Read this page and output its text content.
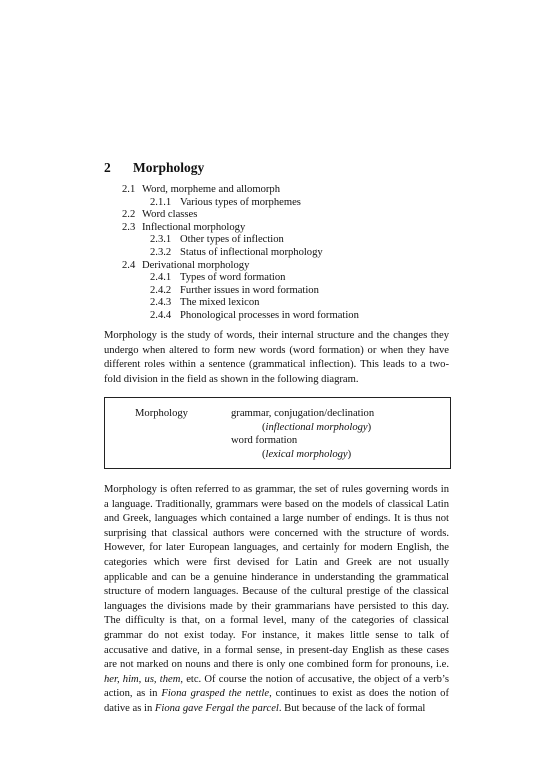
2 Morphology
2.1 Word, morpheme and allomorph
2.1.1 Various types of morphemes
2.2 Word classes
2.3 Inflectional morphology
2.3.1 Other types of inflection
2.3.2 Status of inflectional morphology
2.4 Derivational morphology
2.4.1 Types of word formation
2.4.2 Further issues in word formation
2.4.3 The mixed lexicon
2.4.4 Phonological processes in word formation

Morphology is the study of words, their internal structure and the changes they undergo when altered to form new words (word formation) or when they have different roles within a sentence (grammatical inflection). This leads to a two-fold division in the field as shown in the following diagram.

Morphology	grammar, conjugation/declination
(inflectional morphology)
word formation
(lexical morphology)

Morphology is often referred to as grammar, the set of rules governing words in a language. Traditionally, grammars were based on the models of classical Latin and Greek, languages which contained a large number of endings. It is thus not surprising that classical authors were concerned with the structure of words. However, for later European languages, and certainly for modern English, the categories which were first devised for Latin and Greek are not usually applicable and can be a genuine hinderance in understanding the grammatical structure of modern languages. Because of the cultural prestige of the classical languages the divisions made by their grammarians have persisted to this day. The difficulty is that, on a formal level, many of the categories of classical grammar do not exist today. For instance, it makes little sense to talk of accusative and dative, in a formal sense, in present-day English as these cases are not marked on nouns and there is only one combined form for pronouns, i.e. her, him, us, them, etc. Of course the notion of accusative, the object of a verb’s action, as in Fiona grasped the nettle, continues to exist as does the notion of dative as in Fiona gave Fergal the parcel. But because of the lack of formal
